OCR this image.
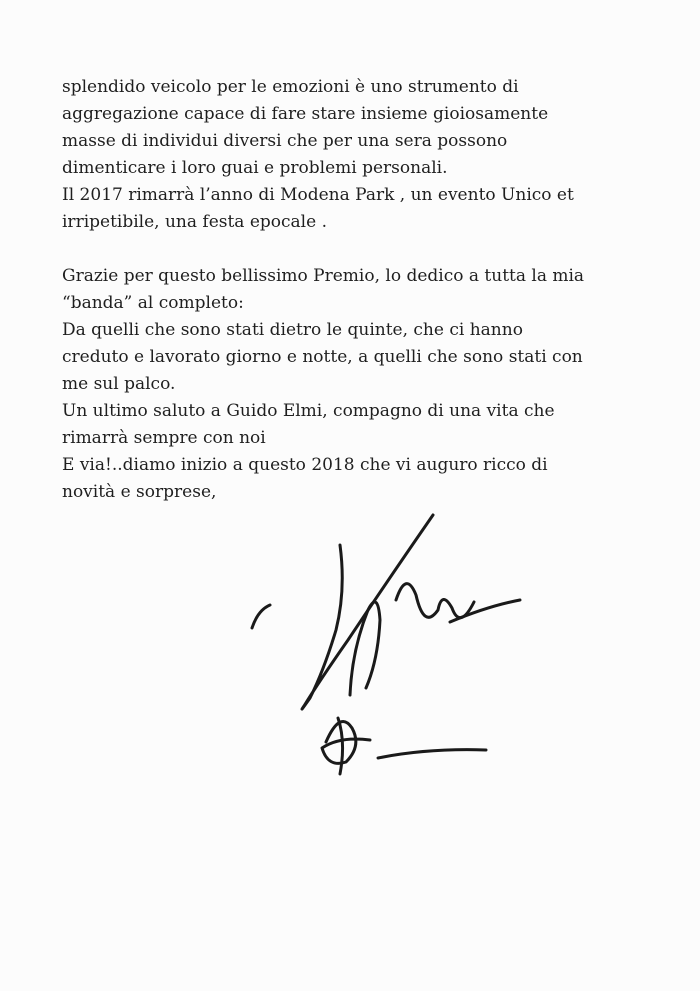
splendido veicolo per le emozioni è uno strumento di

aggregazione capace di fare stare insieme gioiosamente

masse di individui diversi che per una sera possono

dimenticare i loro guai e problemi personali.

Il 2017 rimarrà l’anno di Modena Park , un evento Unico et

irripetibile, una festa epocale .

Grazie per questo bellissimo Premio, lo dedico a tutta la mia

“banda” al completo:

Da quelli che sono stati dietro le quinte, che ci hanno

creduto e lavorato giorno e notte, a quelli che sono stati con

me sul palco.

Un ultimo saluto a Guido Elmi, compagno di una vita che

rimarrà sempre con noi

E via!..diamo inizio a questo 2018 che vi auguro ricco di

novità e sorprese,

Vasco
